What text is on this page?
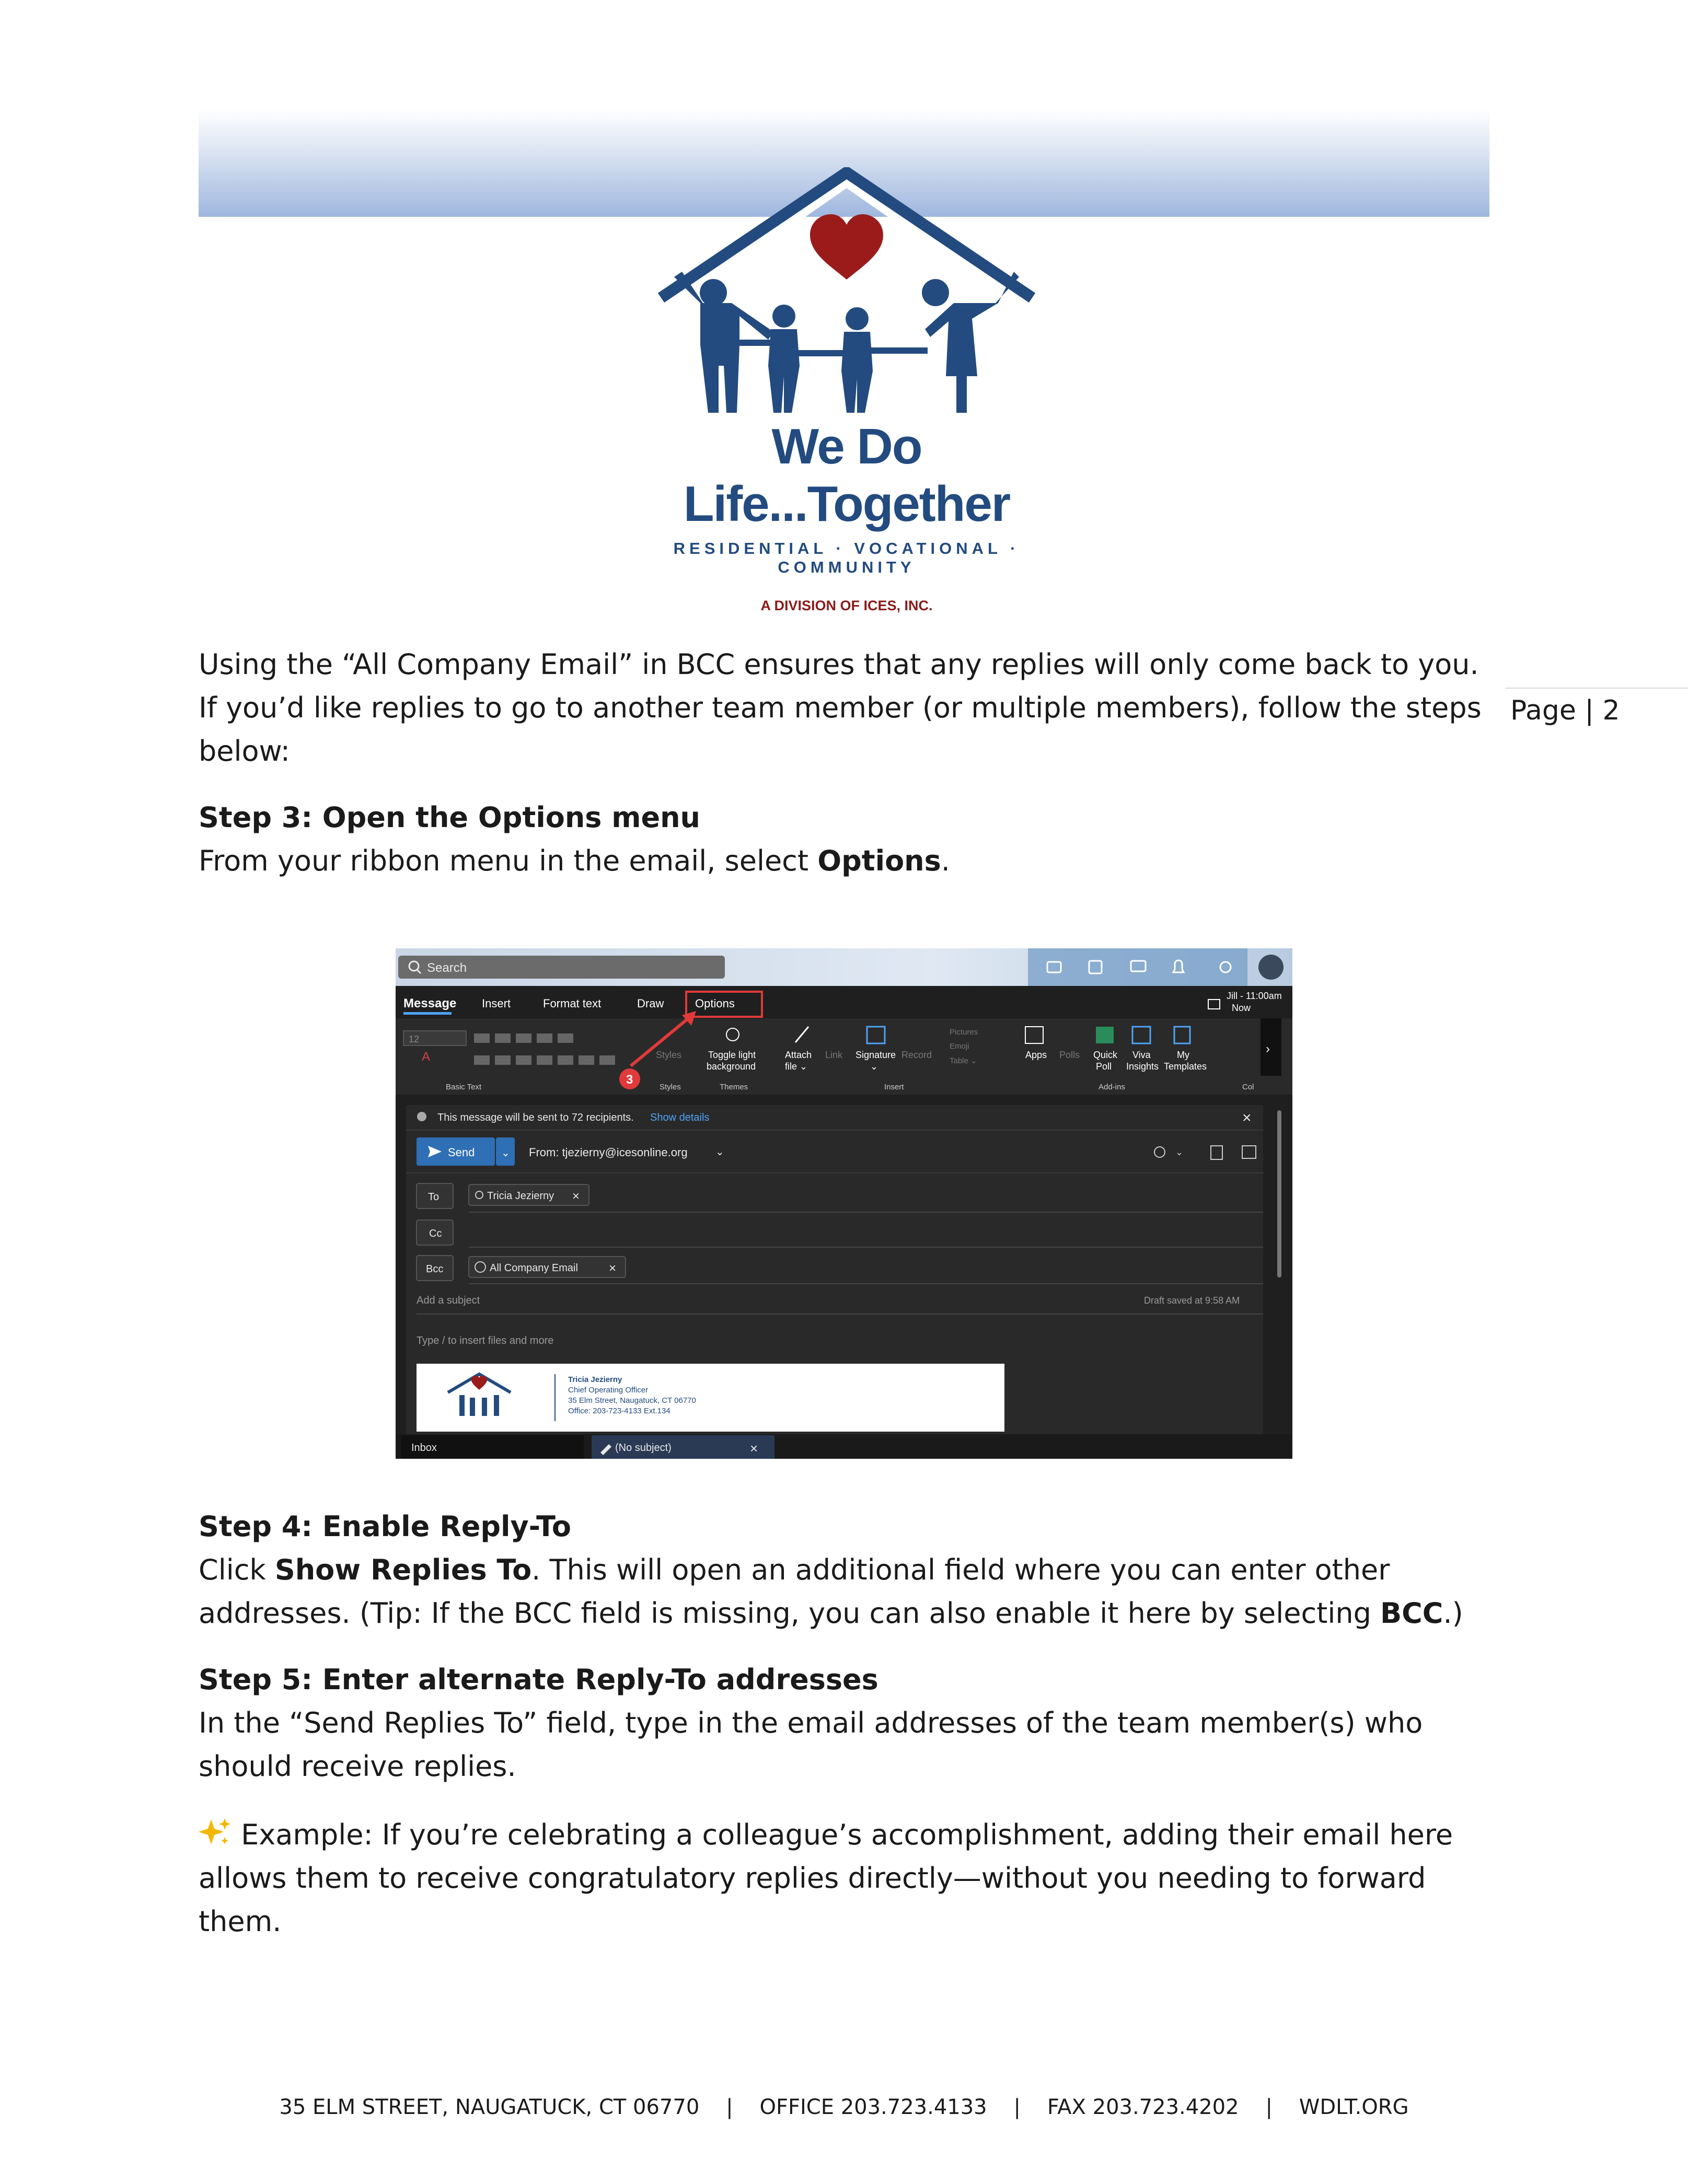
We Do Life...Together
RESIDENTIAL · VOCATIONAL · COMMUNITY
A DIVISION OF ICES, INC.
Page | 2
Using the “All Company Email” in BCC ensures that any replies will only come back to you. If you’d like replies to go to another team member (or multiple members), follow the steps below:
Step 3: Open the Options menu
From your ribbon menu in the email, select Options.
Search
Message Insert	Format text	Draw	Options
Jill - 11:00am
Now
12
A
Basic Text
3
Styles
Styles
Toggle light
background
Themes
Attach
file ⌄
Link Signature
⌄
Record
Pictures
Emoji
Table ⌄
Insert
Apps Polls Quick
Poll
Viva
Insights
My
Templates
Add-ins	Col
›
This message will be sent to 72 recipients. Show details	×
Send	⌄ From: tjezierny@icesonline.org	⌄	⌄
To	Tricia Jezierny ×
Cc
Bcc	All Company Email ×
Add a subject	Draft saved at 9:58 AM
Type / to insert files and more
Tricia Jezierny
Chief Operating Officer
35 Elm Street, Naugatuck, CT 06770
Office: 203-723-4133 Ext.134
Inbox	(No subject)	×
Step 4: Enable Reply-To
Click Show Replies To. This will open an additional field where you can enter other addresses. (Tip: If the BCC field is missing, you can also enable it here by selecting BCC.)
Step 5: Enter alternate Reply-To addresses
In the “Send Replies To” field, type in the email addresses of the team member(s) who should receive replies.
Example: If you’re celebrating a colleague’s accomplishment, adding their email here allows them to receive congratulatory replies directly—without you needing to forward them.
35 ELM STREET, NAUGATUCK, CT 06770 | OFFICE 203.723.4133 | FAX 203.723.4202 | WDLT.ORG
